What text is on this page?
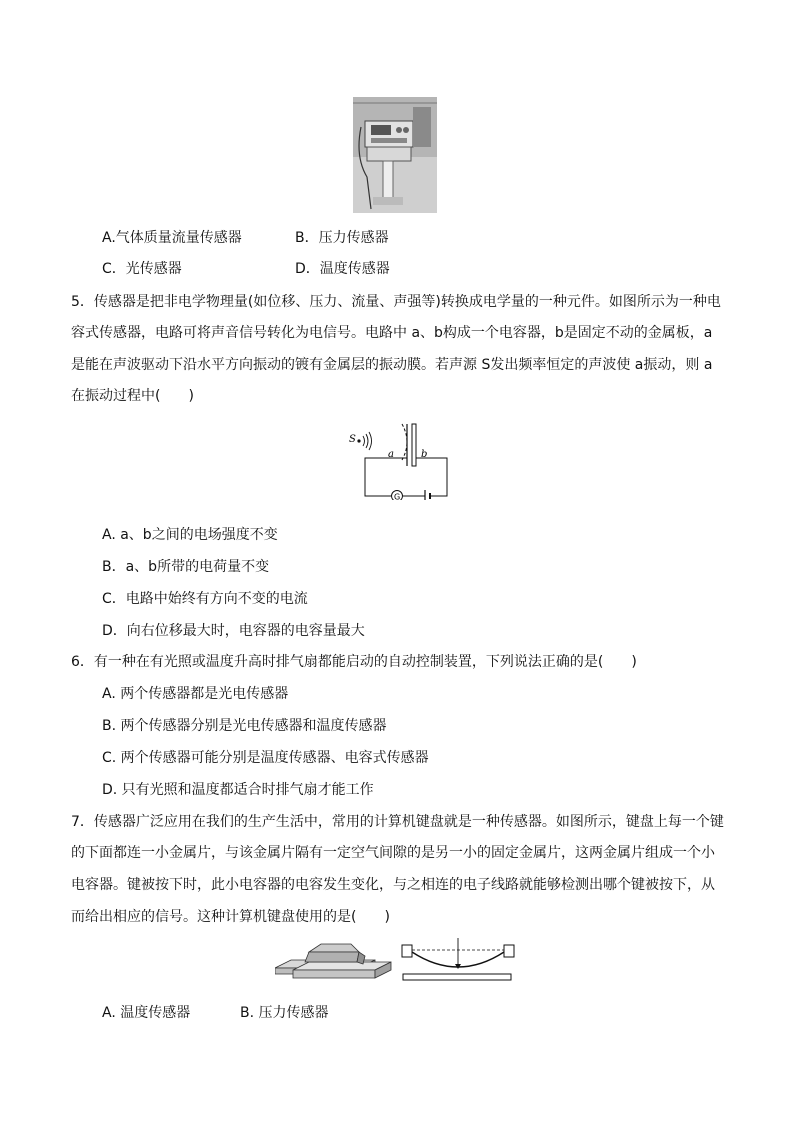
A.气体质量流量传感器	B．压力传感器
C．光传感器	D．温度传感器
5．传感器是把非电学物理量(如位移、压力、流量、声强等)转换成电学量的一种元件。如图所示为一种电
容式传感器，电路可将声音信号转化为电信号。电路中 a、b构成一个电容器，b是固定不动的金属板，a
是能在声波驱动下沿水平方向振动的镀有金属层的振动膜。若声源 S发出频率恒定的声波使 a振动，则 a
在振动过程中(　　)
S
a	b
G
A. a、b之间的电场强度不变
B．a、b所带的电荷量不变
C．电路中始终有方向不变的电流
D．向右位移最大时，电容器的电容量最大
6．有一种在有光照或温度升高时排气扇都能启动的自动控制装置，下列说法正确的是(　　)
A. 两个传感器都是光电传感器
B. 两个传感器分别是光电传感器和温度传感器
C. 两个传感器可能分别是温度传感器、电容式传感器
D. 只有光照和温度都适合时排气扇才能工作
7．传感器广泛应用在我们的生产生活中，常用的计算机键盘就是一种传感器。如图所示，键盘上每一个键
的下面都连一小金属片，与该金属片隔有一定空气间隙的是另一小的固定金属片，这两金属片组成一个小
电容器。键被按下时，此小电容器的电容发生变化，与之相连的电子线路就能够检测出哪个键被按下，从
而给出相应的信号。这种计算机键盘使用的是(　　)
A. 温度传感器	B. 压力传感器
